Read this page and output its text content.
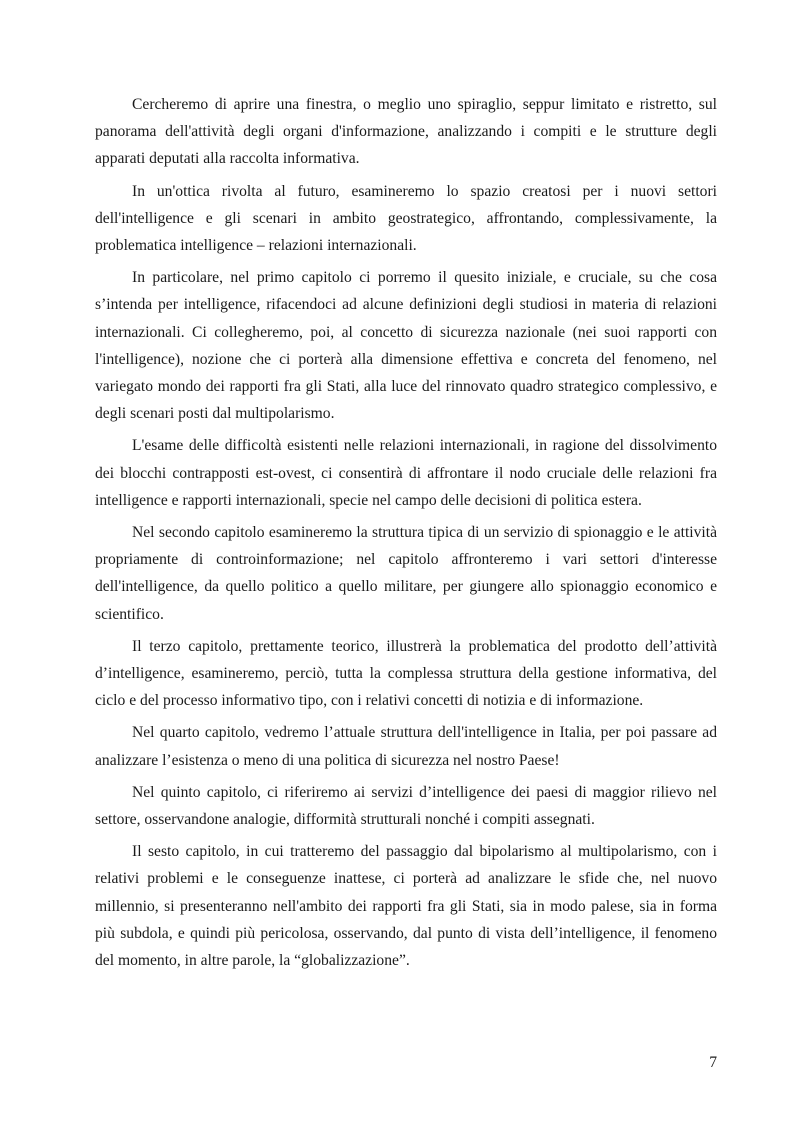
Cercheremo di aprire una finestra, o meglio uno spiraglio, seppur limitato e ristretto, sul panorama dell'attività degli organi d'informazione, analizzando i compiti e le strutture degli apparati deputati alla raccolta informativa.

In un'ottica rivolta al futuro, esamineremo lo spazio creatosi per i nuovi settori dell'intelligence e gli scenari in ambito geostrategico, affrontando, complessivamente, la problematica intelligence – relazioni internazionali.

In particolare, nel primo capitolo ci porremo il quesito iniziale, e cruciale, su che cosa s’intenda per intelligence, rifacendoci ad alcune definizioni degli studiosi in materia di relazioni internazionali. Ci collegheremo, poi, al concetto di sicurezza nazionale (nei suoi rapporti con l'intelligence), nozione che ci porterà alla dimensione effettiva e concreta del fenomeno, nel variegato mondo dei rapporti fra gli Stati, alla luce del rinnovato quadro strategico complessivo, e degli scenari posti dal multipolarismo.

L'esame delle difficoltà esistenti nelle relazioni internazionali, in ragione del dissolvimento dei blocchi contrapposti est-ovest, ci consentirà di affrontare il nodo cruciale delle relazioni fra intelligence e rapporti internazionali, specie nel campo delle decisioni di politica estera.

Nel secondo capitolo esamineremo la struttura tipica di un servizio di spionaggio e le attività propriamente di controinformazione; nel capitolo affronteremo i vari settori d'interesse dell'intelligence, da quello politico a quello militare, per giungere allo spionaggio economico e scientifico.

Il terzo capitolo, prettamente teorico, illustrerà la problematica del prodotto dell’attività d’intelligence, esamineremo, perciò, tutta la complessa struttura della gestione informativa, del ciclo e del processo informativo tipo, con i relativi concetti di notizia e di informazione.

Nel quarto capitolo, vedremo l’attuale struttura dell'intelligence in Italia, per poi passare ad analizzare l’esistenza o meno di una politica di sicurezza nel nostro Paese!

Nel quinto capitolo, ci riferiremo ai servizi d’intelligence dei paesi di maggior rilievo nel settore, osservandone analogie, difformità strutturali nonché i compiti assegnati.

Il sesto capitolo, in cui tratteremo del passaggio dal bipolarismo al multipolarismo, con i relativi problemi e le conseguenze inattese, ci porterà ad analizzare le sfide che, nel nuovo millennio, si presenteranno nell'ambito dei rapporti fra gli Stati, sia in modo palese, sia in forma più subdola, e quindi più pericolosa, osservando, dal punto di vista dell’intelligence, il fenomeno del momento, in altre parole, la “globalizzazione”.

7
